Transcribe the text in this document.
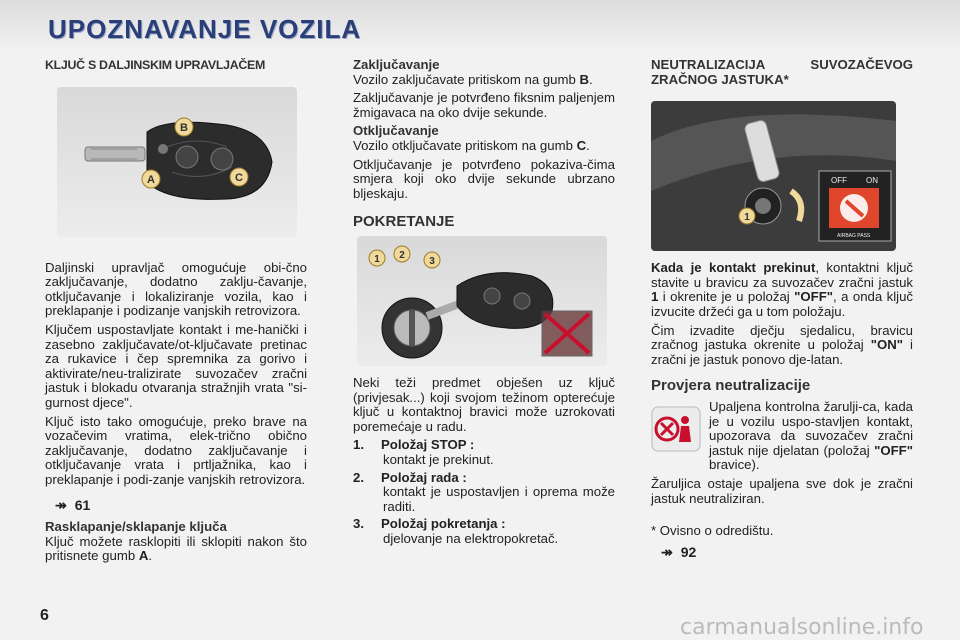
UPOZNAVANJE VOZILA
KLJUČ S DALJINSKIM UPRAVLJAČEM
B
C
A

Daljinski upravljač omogućuje obi-čno zaključavanje, dodatno zaklju-čavanje, otključavanje i lokaliziranje vozila, kao i preklapanje i podizanje vanjskih retrovizora.

Ključem uspostavljate kontakt i me-hanički i zasebno zaključavate/ot-ključavate pretinac za rukavice i čep spremnika za gorivo i aktivirate/neu-tralizirate suvozačev zračni jastuk i blokadu otvaranja stražnjih vrata "si-gurnost djece".

Ključ isto tako omogućuje, preko brave na vozačevim vratima, elek-trično obično zaključavanje, dodatno zaključavanje i otključavanje vrata i prtljažnika, kao i preklapanje i podi-zanje vanjskih retrovizora.

↠ 61
Rasklapanje/sklapanje ključa

Ključ možete rasklopiti ili sklopiti nakon što pritisnete gumb A.

Zaključavanje

Vozilo zaključavate pritiskom na gumb B.

Zaključavanje je potvrđeno fiksnim paljenjem žmigavaca na oko dvije sekunde.

Otključavanje

Vozilo otključavate pritiskom na gumb C.

Otključavanje je potvrđeno pokaziva-čima smjera koji oko dvije sekunde ubrzano bljeskaju.

POKRETANJE
1 2
3

Neki teži predmet obješen uz ključ (privjesak...) koji svojom težinom opterećuje ključ u kontaktnoj bravici može uzrokovati poremećaje u radu.

1. Položaj STOP :
kontakt je prekinut.
2. Položaj rada :
kontakt je uspostavljen i oprema može raditi.
3. Položaj pokretanja :
djelovanje na elektropokretač.
NEUTRALIZACIJA SUVOZAČEVOG ZRAČNOG JASTUKA*
1
OFF ON
AIRBAG PASS

Kada je kontakt prekinut, kontaktni ključ stavite u bravicu za suvozačev zračni jastuk 1 i okrenite je u položaj "OFF", a onda ključ izvucite držeći ga u tom položaju.

Čim izvadite dječju sjedalicu, bravicu zračnog jastuka okrenite u položaj "ON" i zračni je jastuk ponovo dje-latan.

Provjera neutralizacije

Upaljena kontrolna žarulji-ca, kada je u vozilu uspo-stavljen kontakt, upozorava da suvozačev zračni jastuk nije djelatan (položaj "OFF" bravice).

Žaruljica ostaje upaljena sve dok je zračni jastuk neutraliziran.

* Ovisno o odredištu.

↠ 92
6	carmanualsonline.info
